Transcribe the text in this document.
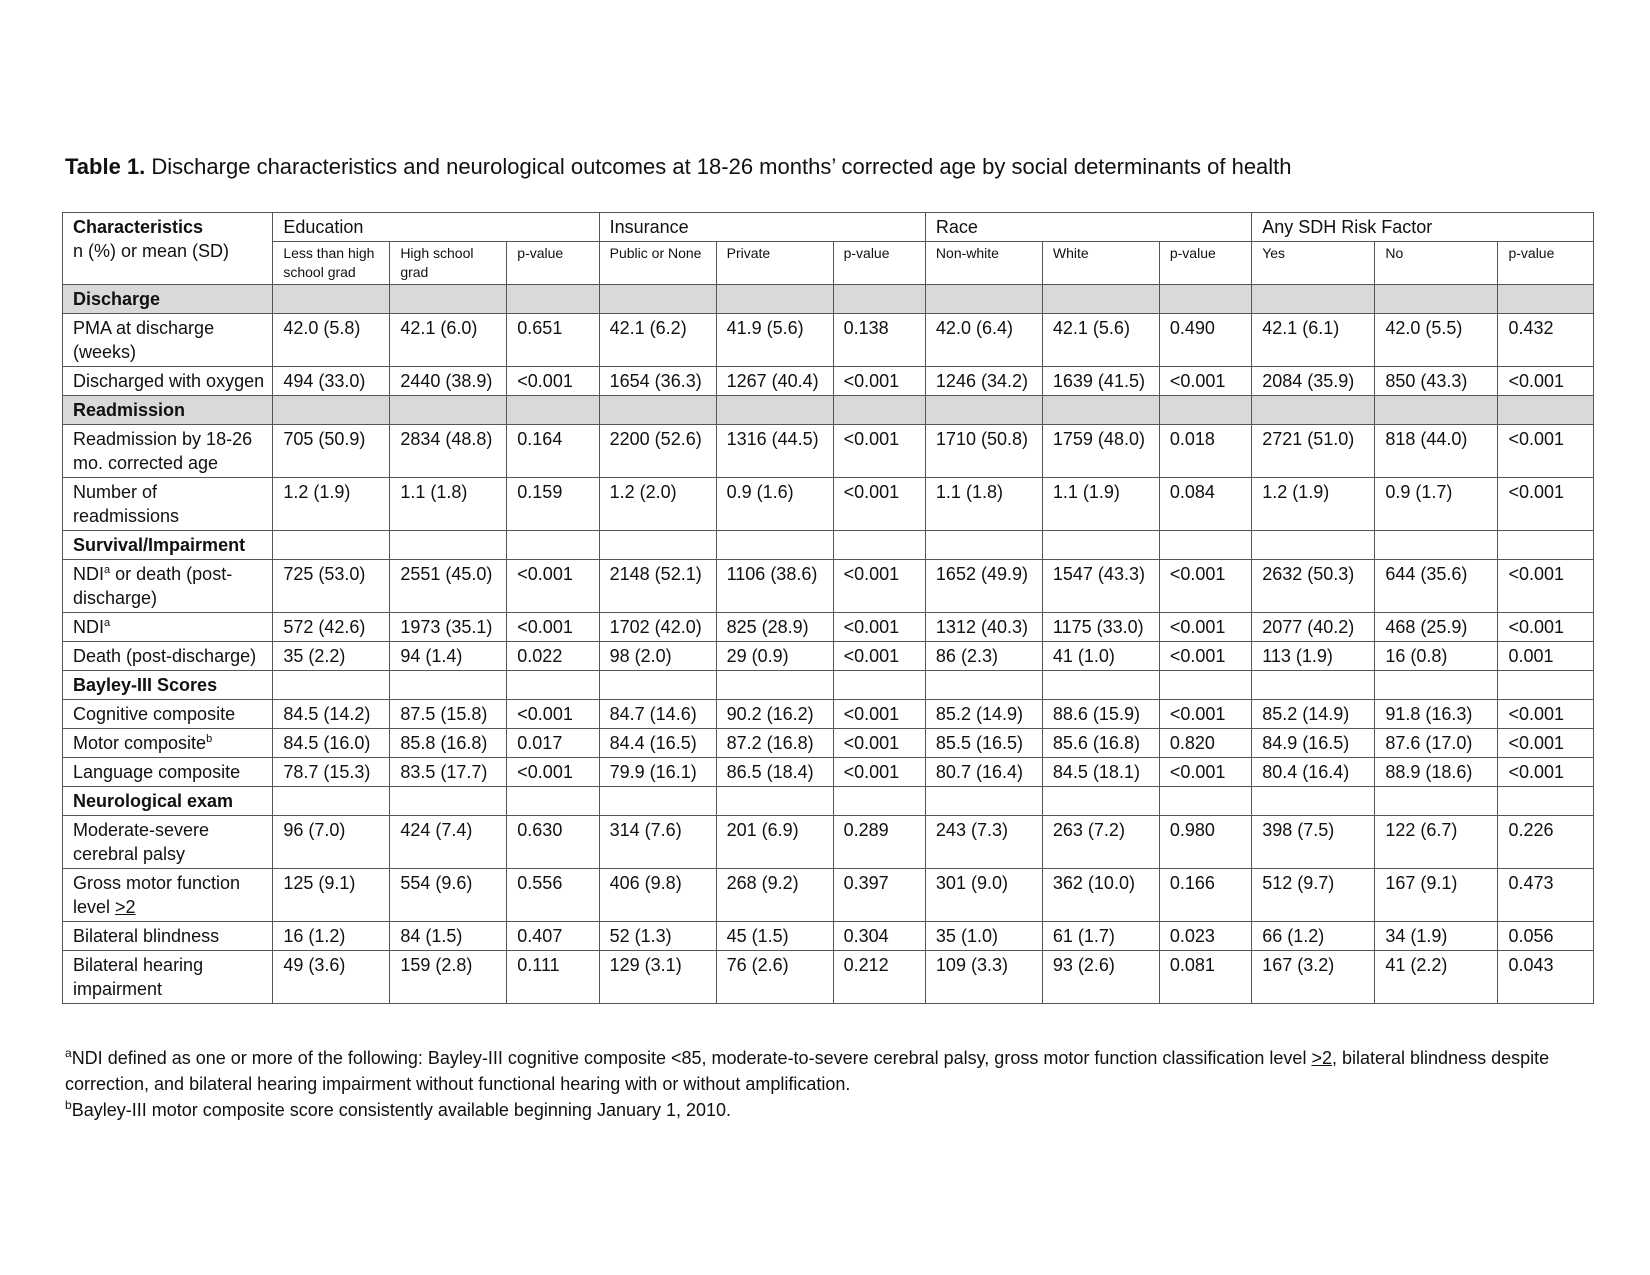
Table 1. Discharge characteristics and neurological outcomes at 18-26 months’ corrected age by social determinants of health
Characteristics
n (%) or mean (SD)	Education			Insurance			Race			Any SDH Risk Factor		
	Less than high school grad	High school grad	p-value	Public or None	Private	p-value	Non-white	White	p-value	Yes	No	p-value
Discharge												
PMA at discharge (weeks)	42.0 (5.8)	42.1 (6.0)	0.651	42.1 (6.2)	41.9 (5.6)	0.138	42.0 (6.4)	42.1 (5.6)	0.490	42.1 (6.1)	42.0 (5.5)	0.432
Discharged with oxygen	494 (33.0)	2440 (38.9)	<0.001	1654 (36.3)	1267 (40.4)	<0.001	1246 (34.2)	1639 (41.5)	<0.001	2084 (35.9)	850 (43.3)	<0.001
Readmission												
Readmission by 18-26 mo. corrected age	705 (50.9)	2834 (48.8)	0.164	2200 (52.6)	1316 (44.5)	<0.001	1710 (50.8)	1759 (48.0)	0.018	2721 (51.0)	818 (44.0)	<0.001
Number of readmissions	1.2 (1.9)	1.1 (1.8)	0.159	1.2 (2.0)	0.9 (1.6)	<0.001	1.1 (1.8)	1.1 (1.9)	0.084	1.2 (1.9)	0.9 (1.7)	<0.001
Survival/Impairment												
NDI$^a$ or death (post-discharge)	725 (53.0)	2551 (45.0)	<0.001	2148 (52.1)	1106 (38.6)	<0.001	1652 (49.9)	1547 (43.3)	<0.001	2632 (50.3)	644 (35.6)	<0.001
NDI$^a$	572 (42.6)	1973 (35.1)	<0.001	1702 (42.0)	825 (28.9)	<0.001	1312 (40.3)	1175 (33.0)	<0.001	2077 (40.2)	468 (25.9)	<0.001
Death (post-discharge)	35 (2.2)	94 (1.4)	0.022	98 (2.0)	29 (0.9)	<0.001	86 (2.3)	41 (1.0)	<0.001	113 (1.9)	16 (0.8)	0.001
Bayley-III Scores												
Cognitive composite	84.5 (14.2)	87.5 (15.8)	<0.001	84.7 (14.6)	90.2 (16.2)	<0.001	85.2 (14.9)	88.6 (15.9)	<0.001	85.2 (14.9)	91.8 (16.3)	<0.001
Motor composite$^b$	84.5 (16.0)	85.8 (16.8)	0.017	84.4 (16.5)	87.2 (16.8)	<0.001	85.5 (16.5)	85.6 (16.8)	0.820	84.9 (16.5)	87.6 (17.0)	<0.001
Language composite	78.7 (15.3)	83.5 (17.7)	<0.001	79.9 (16.1)	86.5 (18.4)	<0.001	80.7 (16.4)	84.5 (18.1)	<0.001	80.4 (16.4)	88.9 (18.6)	<0.001
Neurological exam												
Moderate-severe cerebral palsy	96 (7.0)	424 (7.4)	0.630	314 (7.6)	201 (6.9)	0.289	243 (7.3)	263 (7.2)	0.980	398 (7.5)	122 (6.7)	0.226
Gross motor function level >2	125 (9.1)	554 (9.6)	0.556	406 (9.8)	268 (9.2)	0.397	301 (9.0)	362 (10.0)	0.166	512 (9.7)	167 (9.1)	0.473
Bilateral blindness	16 (1.2)	84 (1.5)	0.407	52 (1.3)	45 (1.5)	0.304	35 (1.0)	61 (1.7)	0.023	66 (1.2)	34 (1.9)	0.056
Bilateral hearing impairment	49 (3.6)	159 (2.8)	0.111	129 (3.1)	76 (2.6)	0.212	109 (3.3)	93 (2.6)	0.081	167 (3.2)	41 (2.2)	0.043

$^a$NDI defined as one or more of the following: Bayley-III cognitive composite <85, moderate-to-severe cerebral palsy, gross motor function classification level >2, bilateral blindness despite correction, and bilateral hearing impairment without functional hearing with or without amplification.

$^b$Bayley-III motor composite score consistently available beginning January 1, 2010.
